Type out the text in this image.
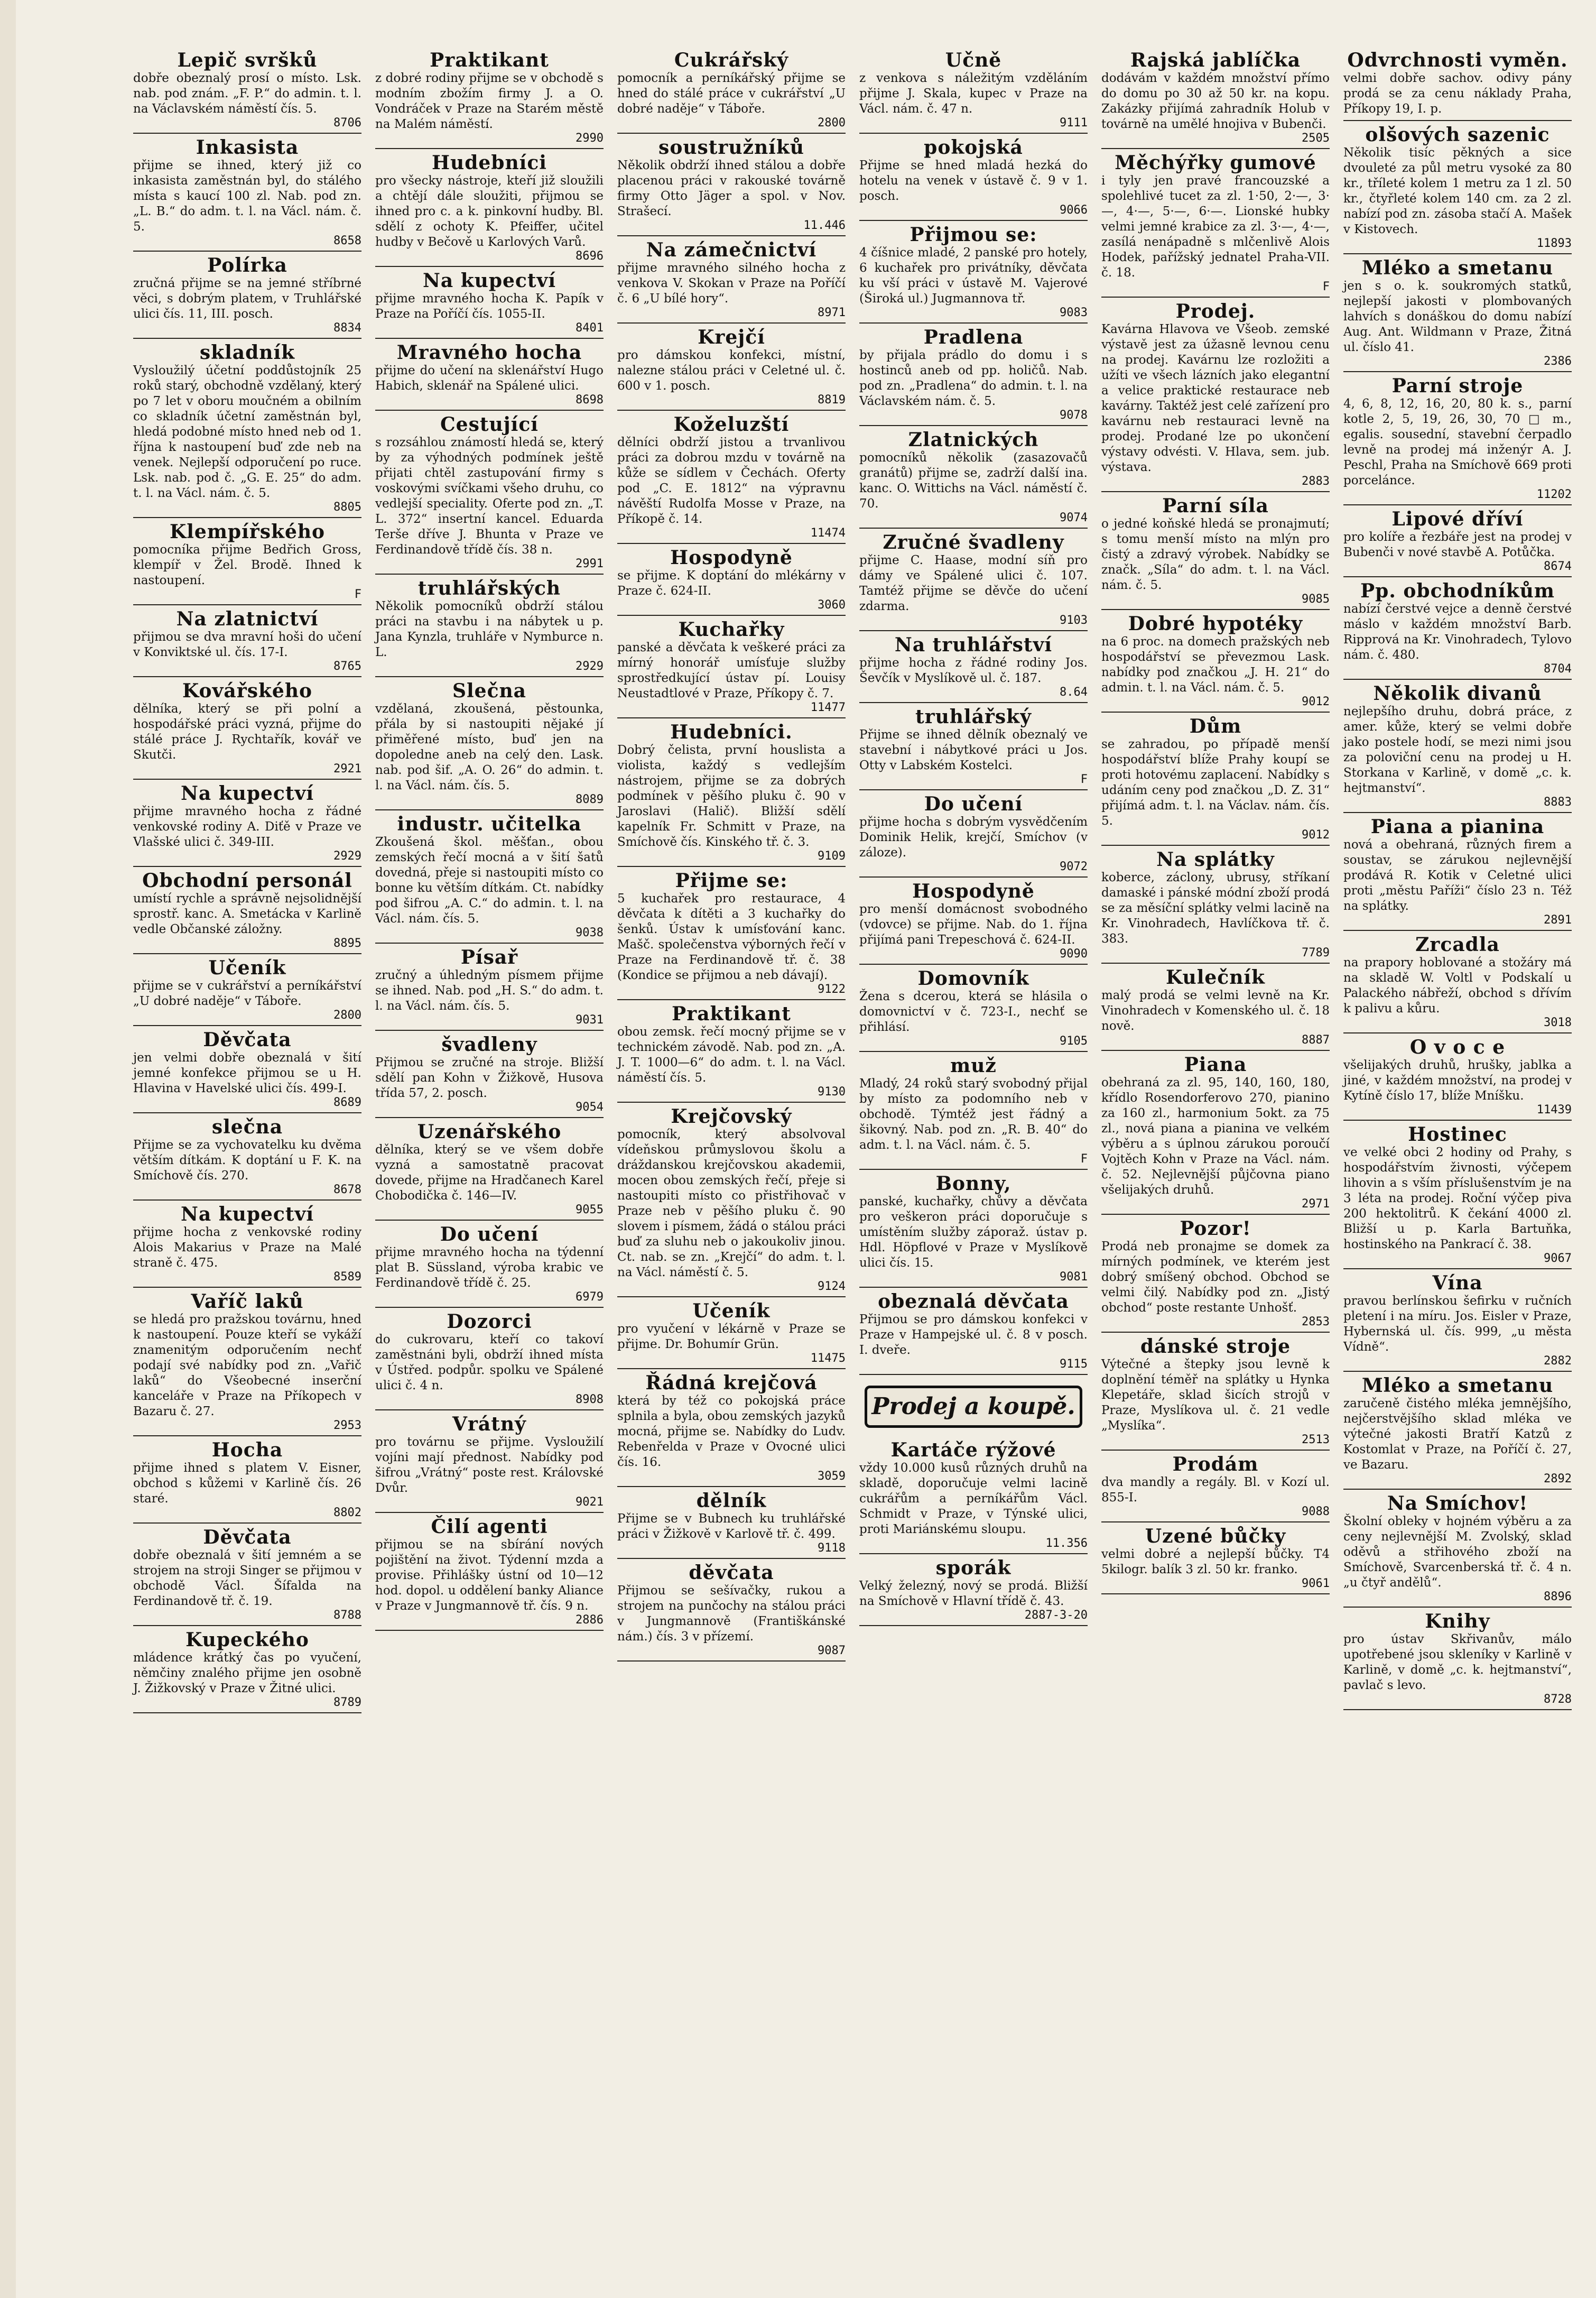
Lepič svršků

dobře obeznalý prosí o místo. Lsk. nab. pod znám. „F. P.“ do admin. t. l. na Václavském náměstí čís. 5.

8706
Inkasista

přijme se ihned, který již co inkasista zaměstnán byl, do stálého místa s kaucí 100 zl. Nab. pod zn. „L. B.“ do adm. t. l. na Václ. nám. č. 5.

8658
Polírka

zručná přijme se na jemné stříbrné věci, s dobrým platem, v Truhlářské ulici čís. 11, III. posch.

8834
skladník

Vysloužilý účetní poddůstojník 25 roků starý, obchodně vzdělaný, který po 7 let v oboru moučném a obilním co skladník účetní zaměstnán byl, hledá podobné místo hned neb od 1. října k nastoupení buď zde neb na venek. Nejlepší odporučení po ruce. Lsk. nab. pod č. „G. E. 25“ do adm. t. l. na Václ. nám. č. 5.

8805
Klempířského

pomocníka přijme Bedřich Gross, klempíř v Žel. Brodě. Ihned k nastoupení.

F
Na zlatnictví

přijmou se dva mravní hoši do učení v Konviktské ul. čís. 17-I.

8765
Kovářského

dělníka, který se při polní a hospodářské práci vyzná, přijme do stálé práce J. Rychtařík, kovář ve Skutči.

2921
Na kupectví

přijme mravného hocha z řádné venkovské rodiny A. Diťě v Praze ve Vlašské ulici č. 349-III.

2929
Obchodní personál

umístí rychle a správně nejsolidnější sprostř. kanc. A. Smetácka v Karlině vedle Občanské záložny.

8895
Učeník

přijme se v cukrářství a perníkářství „U dobré naděje“ v Táboře.

2800
Děvčata

jen velmi dobře obeznalá v šití jemné konfekce přijmou se u H. Hlavina v Havelské ulici čís. 499-I.

8689
slečna

Přijme se za vychovatelku ku dvěma větším dítkám. K doptání u F. K. na Smíchově čís. 270.

8678
Na kupectví

přijme hocha z venkovské rodiny Alois Makarius v Praze na Malé straně č. 475.

8589
Vaříč laků

se hledá pro pražskou továrnu, hned k nastoupení. Pouze kteří se vykáží znamenitým odporučením nechť podají své nabídky pod zn. „Vařič laků“ do Všeobecné inserční kanceláře v Praze na Příkopech v Bazaru č. 27.

2953
Hocha

přijme ihned s platem V. Eisner, obchod s kůžemi v Karlině čís. 26 staré.

8802
Děvčata

dobře obeznalá v šití jemném a se strojem na stroji Singer se přijmou v obchodě Václ. Šífalda na Ferdinandově tř. č. 19.

8788
Kupeckého

mládence krátký čas po vyučení, němčiny znalého přijme jen osobně J. Žižkovský v Praze v Žitné ulici.

8789
Praktikant

z dobré rodiny přijme se v obchodě s modním zbožím firmy J. a O. Vondráček v Praze na Starém městě na Malém náměstí.

2990
Hudebníci

pro všecky nástroje, kteří již sloužili a chtějí dále sloužiti, přijmou se ihned pro c. a k. pinkovní hudby. Bl. sdělí z ochoty K. Pfeiffer, učitel hudby v Bečově u Karlových Varů.

8696
Na kupectví

přijme mravného hocha K. Papík v Praze na Poříčí čís. 1055-II.

8401
Mravného hocha

přijme do učení na sklenářství Hugo Habich, sklenář na Spálené ulici.

8698
Cestující

s rozsáhlou známostí hledá se, který by za výhodných podmínek ještě přijati chtěl zastupování firmy s voskovými svíčkami všeho druhu, co vedlejší speciality. Oferte pod zn. „T. L. 372“ insertní kancel. Eduarda Terše dříve J. Bhunta v Praze ve Ferdinandově třídě čís. 38 n.

2991
truhlářských

Několik pomocníků obdrží stálou práci na stavbu i na nábytek u p. Jana Kynzla, truhláře v Nymburce n. L.

2929
Slečna

vzdělaná, zkoušená, pěstounka, přála by si nastoupiti nějaké jí přiměřené místo, buď jen na dopoledne aneb na celý den. Lask. nab. pod šif. „A. O. 26“ do admin. t. l. na Václ. nám. čís. 5.

8089
industr. učitelka

Zkoušená škol. měšťan., obou zemských řečí mocná a v šití šatů dovedná, přeje si nastoupiti místo co bonne ku větším dítkám. Ct. nabídky pod šifrou „A. C.“ do admin. t. l. na Václ. nám. čís. 5.

9038
Písař

zručný a úhledným písmem přijme se ihned. Nab. pod „H. S.“ do adm. t. l. na Václ. nám. čís. 5.

9031
švadleny

Přijmou se zručné na stroje. Bližší sdělí pan Kohn v Žižkově, Husova třída 57, 2. posch.

9054
Uzenářského

dělníka, který se ve všem dobře vyzná a samostatně pracovat dovede, přijme na Hradčanech Karel Chobodička č. 146—IV.

9055
Do učení

přijme mravného hocha na týdenní plat B. Süssland, výroba krabic ve Ferdinandově třídě č. 25.

6979
Dozorci

do cukrovaru, kteří co takoví zaměstnáni byli, obdrží ihned místa v Ústřed. podpůr. spolku ve Spálené ulici č. 4 n.

8908
Vrátný

pro továrnu se přijme. Vysloužilí vojíni mají přednost. Nabídky pod šifrou „Vrátný“ poste rest. Královské Dvůr.

9021
Čilí agenti

přijmou se na sbírání nových pojištění na život. Týdenní mzda a provise. Přihlášky ústní od 10—12 hod. dopol. u oddělení banky Aliance v Praze v Jungmannově tř. čís. 9 n.

2886
Cukrářský

pomocník a perníkářský přijme se hned do stálé práce v cukrářství „U dobré naděje“ v Táboře.

2800
soustružníků

Několik obdrží ihned stálou a dobře placenou práci v rakouské továrně firmy Otto Jäger a spol. v Nov. Strašecí.

11.446
Na zámečnictví

přijme mravného silného hocha z venkova V. Skokan v Praze na Poříčí č. 6 „U bílé hory“.

8971
Krejčí

pro dámskou konfekci, místní, nalezne stálou práci v Celetné ul. č. 600 v 1. posch.

8819
Koželuzští

dělníci obdrží jistou a trvanlivou práci za dobrou mzdu v továrně na kůže se sídlem v Čechách. Oferty pod „C. E. 1812“ na výpravnu návěští Rudolfa Mosse v Praze, na Příkopě č. 14.

11474
Hospodyně

se přijme. K doptání do mlékárny v Praze č. 624-II.

3060
Kuchařky

panské a děvčata k veškeré práci za mírný honorář umísťuje služby sprostředkující ústav pí. Louisy Neustadtlové v Praze, Příkopy č. 7.

11477
Hudebníci.

Dobrý čelista, první houslista a violista, každý s vedlejším nástrojem, přijme se za dobrých podmínek v pěšího pluku č. 90 v Jaroslavi (Halič). Bližší sdělí kapelník Fr. Schmitt v Praze, na Smíchově čís. Kinského tř. č. 3.

9109
Přijme se:

5 kuchařek pro restaurace, 4 děvčata k dítěti a 3 kuchařky do šenků. Ústav k umísťování kanc. Mašč. společenstva výborných řečí v Praze na Ferdinandově tř. č. 38 (Kondice se přijmou a neb dávají).

9122
Praktikant

obou zemsk. řečí mocný přijme se v technickém závodě. Nab. pod zn. „A. J. T. 1000—6“ do adm. t. l. na Václ. náměstí čís. 5.

9130
Krejčovský

pomocník, který absolvoval vídeňskou průmyslovou školu a dráždanskou krejčovskou akademii, mocen obou zemských řečí, přeje si nastoupiti místo co přistřihovač v Praze neb v pěšího pluku č. 90 slovem i písmem, žádá o stálou práci buď za sluhu neb o jakoukoliv jinou. Ct. nab. se zn. „Krejčí“ do adm. t. l. na Václ. náměstí č. 5.

9124
Učeník

pro vyučení v lékárně v Praze se přijme. Dr. Bohumír Grün.

11475
Řádná krejčová

která by též co pokojská práce splnila a byla, obou zemských jazyků mocná, přijme se. Nabídky do Ludv. Rebenřelda v Praze v Ovocné ulici čís. 16.

3059
dělník

Přijme se v Bubnech ku truhlářské práci v Žižkově v Karlově tř. č. 499.

9118
děvčata

Přijmou se sešívačky, rukou a strojem na punčochy na stálou práci v Jungmannově (Františkánské nám.) čís. 3 v přízemí.

9087
Učně

z venkova s náležitým vzděláním přijme J. Skala, kupec v Praze na Václ. nám. č. 47 n.

9111
pokojská

Přijme se hned mladá hezká do hotelu na venek v ústavě č. 9 v 1. posch.

9066
Přijmou se:

4 číšnice mladé, 2 panské pro hotely, 6 kuchařek pro privátníky, děvčata ku vší práci v ústavě M. Vajerové (Široká ul.) Jugmannova tř.

9083
Pradlena

by přijala prádlo do domu i s hostinců aneb od pp. holičů. Nab. pod zn. „Pradlena“ do admin. t. l. na Václavském nám. č. 5.

9078
Zlatnických

pomocníků několik (zasazovačů granátů) přijme se, zadrží další ina. kanc. O. Wittichs na Václ. náměstí č. 70.

9074
Zručné švadleny

přijme C. Haase, modní síň pro dámy ve Spálené ulici č. 107. Tamtéž přijme se děvče do učení zdarma.

9103
Na truhlářství

přijme hocha z řádné rodiny Jos. Ševčík v Myslíkově ul. č. 187.

8.64
truhlářský

Přijme se ihned dělník obeznalý ve stavební i nábytkové práci u Jos. Otty v Labském Kostelci.

F
Do učení

přijme hocha s dobrým vysvědčením Dominik Helik, krejčí, Smíchov (v záloze).

9072
Hospodyně

pro menší domácnost svobodného (vdovce) se přijme. Nab. do 1. října přijímá pani Trepeschová č. 624-II.

9090
Domovník

Žena s dcerou, která se hlásila o domovnictví v č. 723-I., nechť se přihlásí.

9105
muž

Mladý, 24 roků starý svobodný přijal by místo za podomního neb v obchodě. Týmtéž jest řádný a šikovný. Nab. pod zn. „R. B. 40“ do adm. t. l. na Václ. nám. č. 5.

F
Bonny,

panské, kuchařky, chůvy a děvčata pro veškeron práci doporučuje s umístěním služby záporaž. ústav p. Hdl. Höpflové v Praze v Myslíkově ulici čís. 15.

9081
obeznalá děvčata

Přijmou se pro dámskou konfekci v Praze v Hampejské ul. č. 8 v posch. I. dveře.

9115
Prodej a koupě.
Kartáče rýžové

vždy 10.000 kusů různých druhů na skladě, doporučuje velmi lacině cukrářům a perníkářům Václ. Schmidt v Praze, v Týnské ulici, proti Mariánskému sloupu.

11.356
sporák

Velký železný, nový se prodá. Bližší na Smíchově v Hlavní třídě č. 43.

2887-3-20
Rajská jablíčka

dodávám v každém množství přímo do domu po 30 až 50 kr. na kopu. Zakázky přijímá zahradník Holub v továrně na umělé hnojiva v Bubenči.

2505
Měchýřky gumové

i tyly jen pravé francouzské a spolehlivé tucet za zl. 1·50, 2·—, 3·—, 4·—, 5·—, 6·—. Lionské hubky velmi jemné krabice za zl. 3·—, 4·—, zasílá nenápadně s mlčenlivě Alois Hodek, pařížský jednatel Praha-VII. č. 18.

F
Prodej.

Kavárna Hlavova ve Všeob. zemské výstavě jest za úžasně levnou cenu na prodej. Kavárnu lze rozložiti a užíti ve všech lázních jako elegantní a velice praktické restaurace neb kavárny. Taktéž jest celé zařízení pro kavárnu neb restauraci levně na prodej. Prodané lze po ukončení výstavy odvésti. V. Hlava, sem. jub. výstava.

2883
Parní síla

o jedné koňské hledá se pronajmutí; s tomu menší místo na mlýn pro čistý a zdravý výrobek. Nabídky se značk. „Síla“ do adm. t. l. na Václ. nám. č. 5.

9085
Dobré hypotéky

na 6 proc. na domech pražských neb hospodářství se převezmou Lask. nabídky pod značkou „J. H. 21“ do admin. t. l. na Václ. nám. č. 5.

9012
Dům

se zahradou, po případě menší hospodářství blíže Prahy koupí se proti hotovému zaplacení. Nabídky s udáním ceny pod značkou „D. Z. 31“ přijímá adm. t. l. na Václav. nám. čís. 5.

9012
Na splátky

koberce, záclony, ubrusy, stříkaní damaské i pánské módní zboží prodá se za měsíční splátky velmi lacině na Kr. Vinohradech, Havlíčkova tř. č. 383.

7789
Kulečník

malý prodá se velmi levně na Kr. Vinohradech v Komenského ul. č. 18 nově.

8887
Piana

obehraná za zl. 95, 140, 160, 180, křídlo Rosendorferovo 270, pianino za 160 zl., harmonium 5okt. za 75 zl., nová piana a pianina ve velkém výběru a s úplnou zárukou poroučí Vojtěch Kohn v Praze na Václ. nám. č. 52. Nejlevnější půjčovna piano všelijakých druhů.

2971
Pozor!

Prodá neb pronajme se domek za mírných podmínek, ve kterém jest dobrý smíšený obchod. Obchod se velmi čilý. Nabídky pod zn. „Jistý obchod“ poste restante Unhošť.

2853
dánské stroje

Výtečné a štepky jsou levně k doplnění téměř na splátky u Hynka Klepetáře, sklad šicích strojů v Praze, Myslíkova ul. č. 21 vedle „Myslíka“.

2513
Prodám

dva mandly a regály. Bl. v Kozí ul. 855-I.

9088
Uzené bůčky

velmi dobré a nejlepší bůčky. T4 5kilogr. balík 3 zl. 50 kr. franko.

9061
Odvrchnosti vyměn.

velmi dobře sachov. odivy pány prodá se za cenu náklady Praha, Příkopy 19, I. p.

olšových sazenic

Několik tisíc pěkných a sice dvouleté za půl metru vysoké za 80 kr., tříleté kolem 1 metru za 1 zl. 50 kr., čtyřleté kolem 140 cm. za 2 zl. nabízí pod zn. zásoba stačí A. Mašek v Kistovech.

11893
Mléko a smetanu

jen s o. k. soukromých statků, nejlepší jakosti v plombovaných lahvích s donáškou do domu nabízí Aug. Ant. Wildmann v Praze, Žitná ul. číslo 41.

2386
Parní stroje

4, 6, 8, 12, 16, 20, 80 k. s., parní kotle 2, 5, 19, 26, 30, 70 □ m., egalis. sousední, stavební čerpadlo levně na prodej má inženýr A. J. Peschl, Praha na Smíchově 669 proti porcelánce.

11202
Lipové dříví

pro kolíře a řezbáře jest na prodej v Bubenči v nové stavbě A. Potůčka.

8674
Pp. obchodníkům

nabízí čerstvé vejce a denně čerstvé máslo v každém množství Barb. Ripprová na Kr. Vinohradech, Tylovo nám. č. 480.

8704
Několik divanů

nejlepšího druhu, dobrá práce, z amer. kůže, který se velmi dobře jako postele hodí, se mezi nimi jsou za poloviční cenu na prodej u H. Storkana v Karlině, v domě „c. k. hejtmanství“.

8883
Piana a pianina

nová a obehraná, různých firem a soustav, se zárukou nejlevnější prodává R. Kotik v Celetné ulici proti „městu Paříži“ číslo 23 n. Též na splátky.

2891
Zrcadla

na prapory hoblované a stožáry má na skladě W. Voltl v Podskalí u Palackého nábřeží, obchod s dřívím k palivu a kůru.

3018
O v o c e

všelijakých druhů, hrušky, jablka a jiné, v každém množství, na prodej v Kytíně číslo 17, blíže Mníšku.

11439
Hostinec

ve velké obci 2 hodiny od Prahy, s hospodářstvím živnosti, výčepem lihovin a s vším příslušenstvím je na 3 léta na prodej. Roční výčep piva 200 hektolitrů. K čekání 4000 zl. Bližší u p. Karla Bartuňka, hostinského na Pankrací č. 38.

9067
Vína

pravou berlínskou šefirku v ručních pletení i na míru. Jos. Eisler v Praze, Hybernská ul. čís. 999, „u města Vídně“.

2882
Mléko a smetanu

zaručeně čistého mléka jemnějšího, nejčerstvějšího sklad mléka ve výtečné jakosti Bratří Katzů z Kostomlat v Praze, na Poříčí č. 27, ve Bazaru.

2892
Na Smíchov!

Školní obleky v hojném výběru a za ceny nejlevnější M. Zvolský, sklad oděvů a střihového zboží na Smíchově, Svarcenberská tř. č. 4 n. „u čtyř andělů“.

8896
Knihy

pro ústav Skřivanův, málo upotřebené jsou skleníky v Karlině v Karlině, v domě „c. k. hejtmanství“, pavlač s levo.

8728
